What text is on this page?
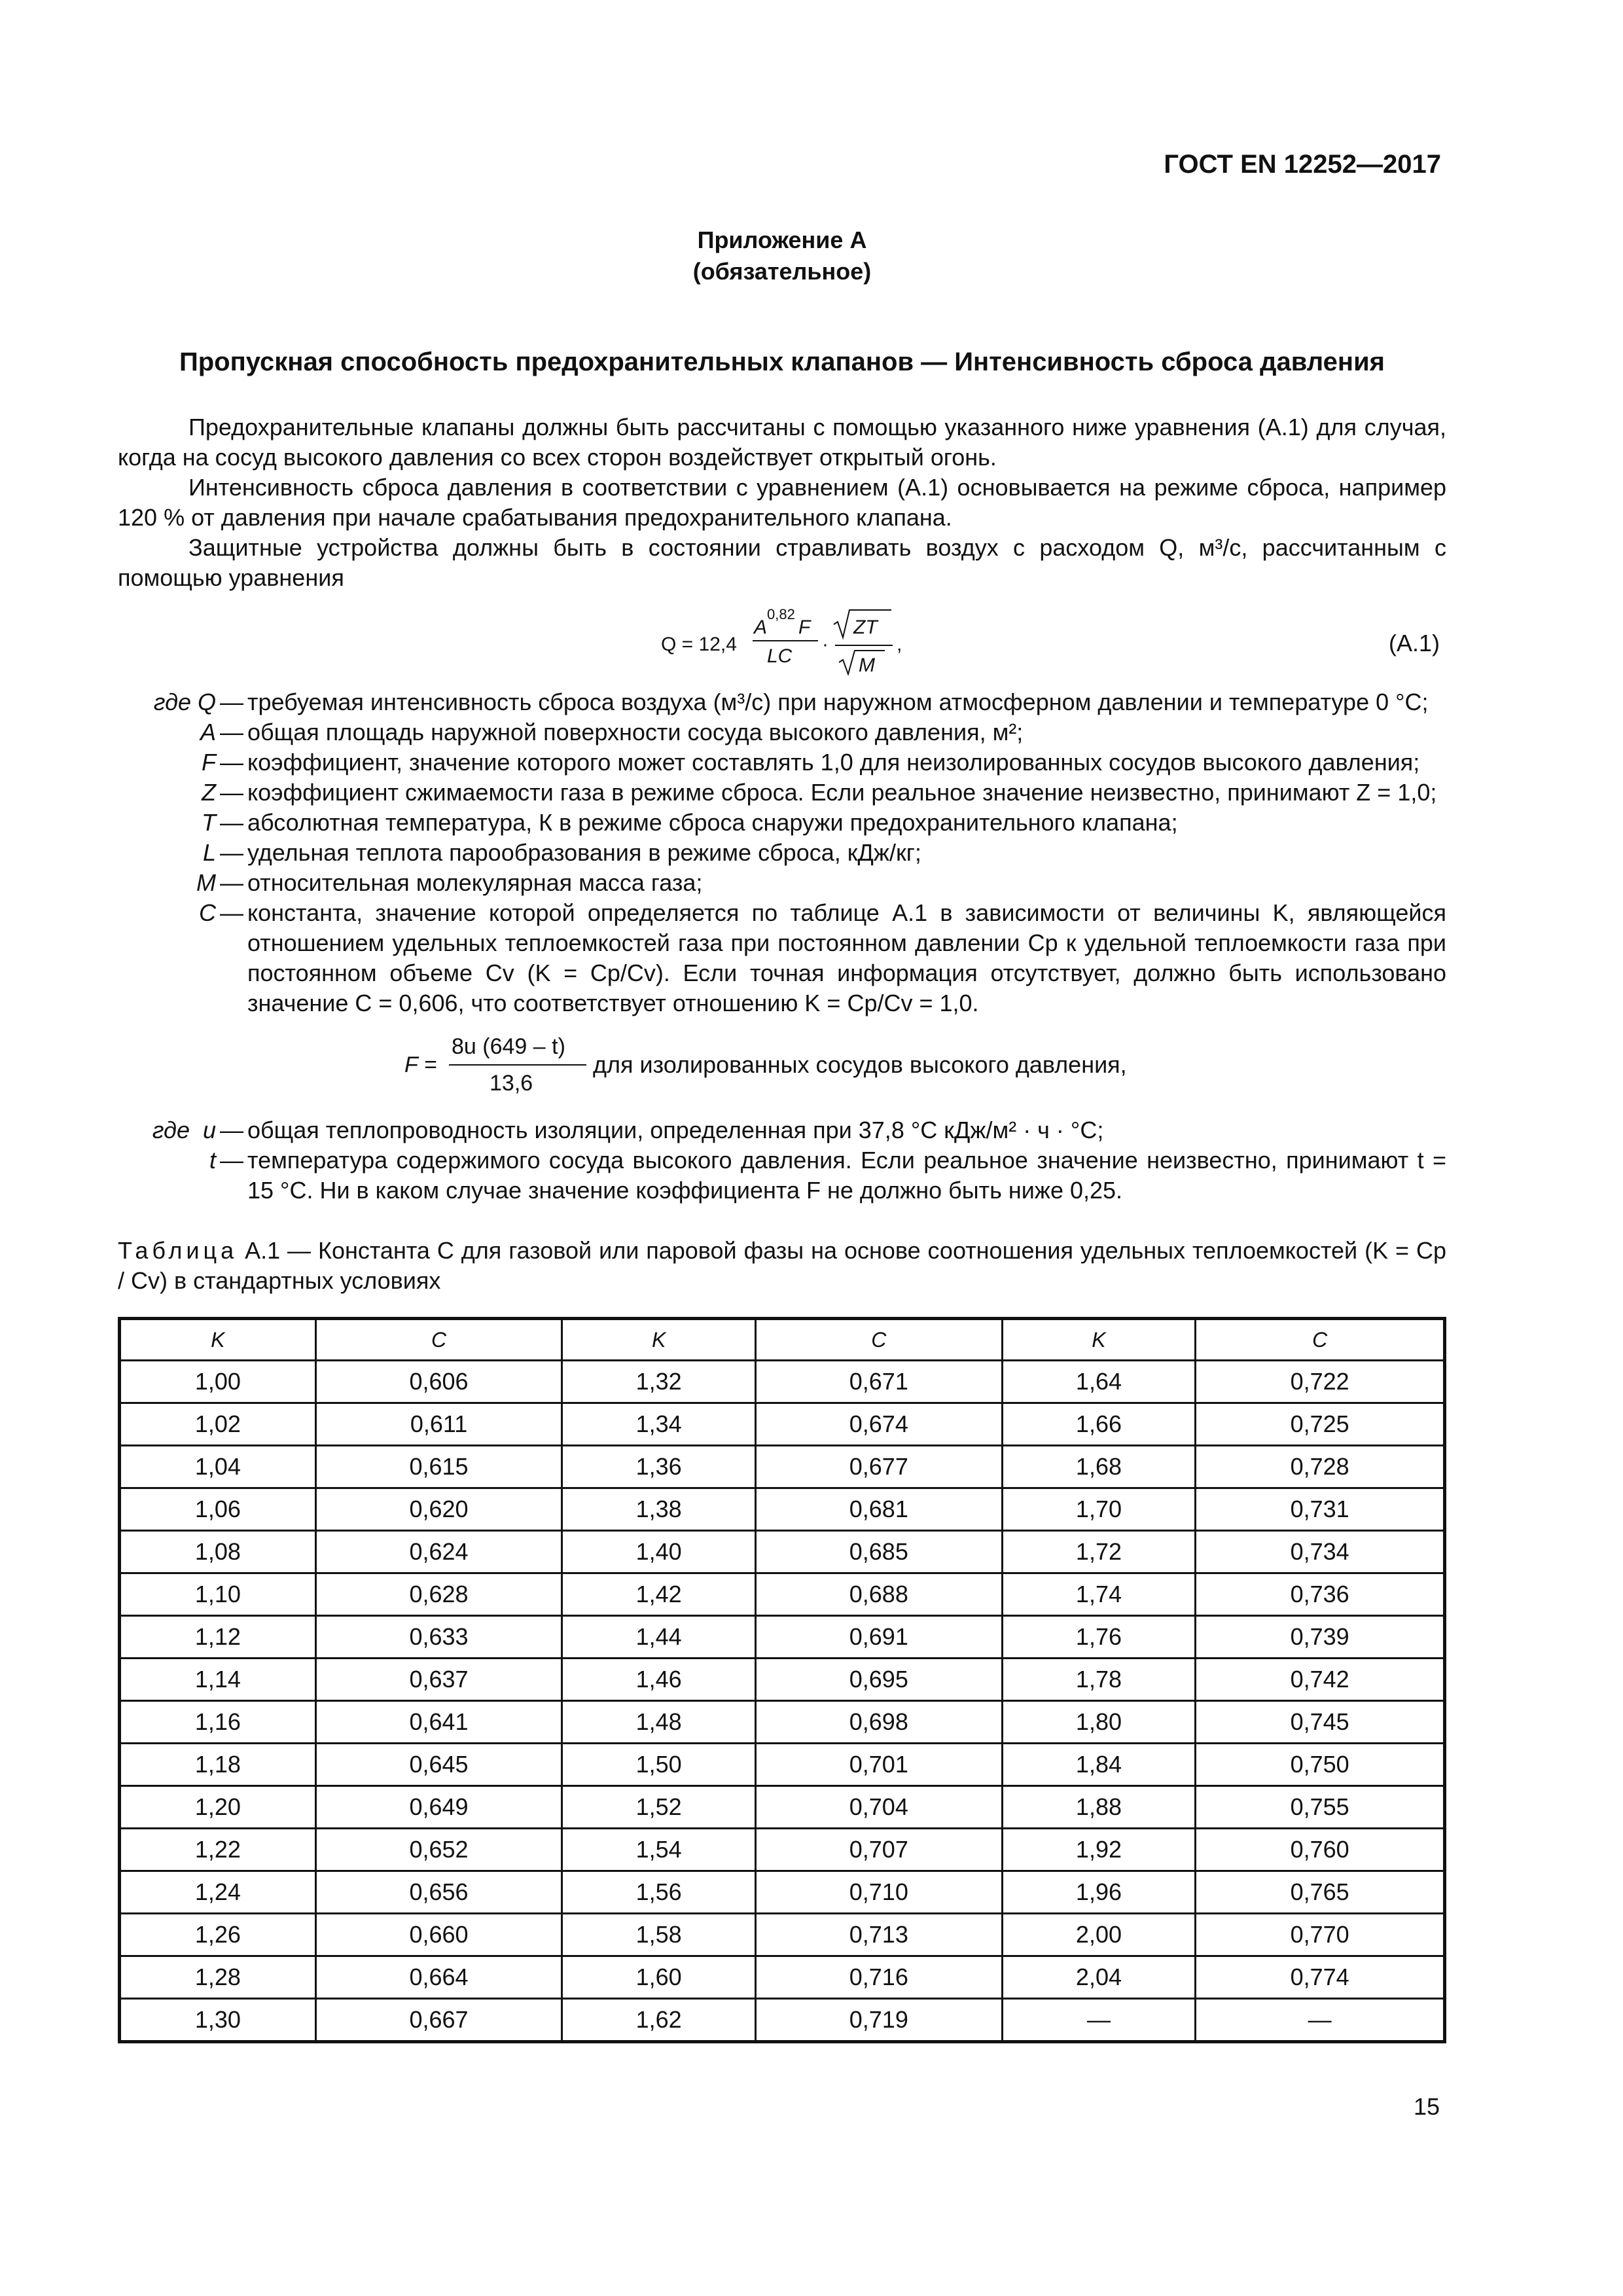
ГОСТ EN 12252—2017
Приложение А
(обязательное)
Пропускная способность предохранительных клапанов — Интенсивность сброса давления
Предохранительные клапаны должны быть рассчитаны с помощью указанного ниже уравнения (А.1) для случая, когда на сосуд высокого давления со всех сторон воздействует открытый огонь.
Интенсивность сброса давления в соответствии с уравнением (А.1) основывается на режиме сброса, например 120 % от давления при начале срабатывания предохранительного клапана.
Защитные устройства должны быть в состоянии стравливать воздух с расходом Q, м³/с, рассчитанным с помощью уравнения
Q = 12,4
A
0,82
F
LC
·
ZT
M
,	(А.1)
где Q — требуемая интенсивность сброса воздуха (м³/с) при наружном атмосферном давлении и температуре 0 °С;
A — общая площадь наружной поверхности сосуда высокого давления, м²;
F — коэффициент, значение которого может составлять 1,0 для неизолированных сосудов высокого давления;
Z — коэффициент сжимаемости газа в режиме сброса. Если реальное значение неизвестно, принимают Z = 1,0;
T — абсолютная температура, К в режиме сброса снаружи предохранительного клапана;
L — удельная теплота парообразования в режиме сброса, кДж/кг;
M — относительная молекулярная масса газа;
C — константа, значение которой определяется по таблице А.1 в зависимости от величины K, являющейся отношением удельных теплоемкостей газа при постоянном давлении Cp к удельной теплоемкости газа при постоянном объеме Cv (K = Cp/Cv). Если точная информация отсутствует, должно быть использовано значение C = 0,606, что соответствует отношению K = Cp/Cv = 1,0.
F =
8u (649 – t)
13,6
для изолированных сосудов высокого давления,
где  u — общая теплопроводность изоляции, определенная при 37,8 °С кДж/м² · ч · °С;
t — температура содержимого сосуда высокого давления. Если реальное значение неизвестно, принимают t = 15 °С. Ни в каком случае значение коэффициента F не должно быть ниже 0,25.
Таблица А.1 — Константа C для газовой или паровой фазы на основе соотношения удельных теплоемкостей (K = Cp / Cv) в стандартных условиях
K	C	K	C	K	C
1,00	0,606	1,32	0,671	1,64	0,722
1,02	0,611	1,34	0,674	1,66	0,725
1,04	0,615	1,36	0,677	1,68	0,728
1,06	0,620	1,38	0,681	1,70	0,731
1,08	0,624	1,40	0,685	1,72	0,734
1,10	0,628	1,42	0,688	1,74	0,736
1,12	0,633	1,44	0,691	1,76	0,739
1,14	0,637	1,46	0,695	1,78	0,742
1,16	0,641	1,48	0,698	1,80	0,745
1,18	0,645	1,50	0,701	1,84	0,750
1,20	0,649	1,52	0,704	1,88	0,755
1,22	0,652	1,54	0,707	1,92	0,760
1,24	0,656	1,56	0,710	1,96	0,765
1,26	0,660	1,58	0,713	2,00	0,770
1,28	0,664	1,60	0,716	2,04	0,774
1,30	0,667	1,62	0,719	—	—
15
